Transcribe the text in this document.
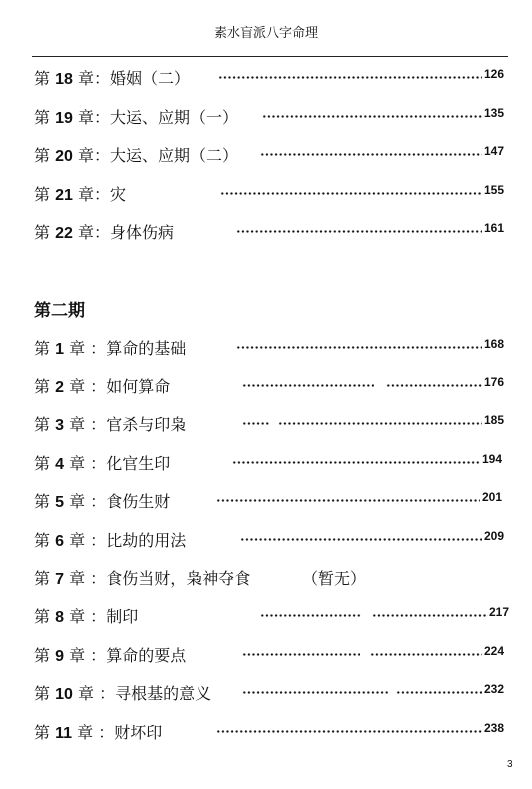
素水盲派八字命理
第 18 章：婚姻（二）	126
第 19 章：大运、应期（一）	135
第 20 章：大运、应期（二）	147
第 21 章：灾	155
第 22 章：身体伤病	161
第二期
第 1 章 ：算命的基础	168
第 2 章 ：如何算命	176
第 3 章 ：官杀与印枭	185
第 4 章 ：化官生印	194
第 5 章 ：食伤生财	201
第 6 章 ：比劫的用法	209
第 7 章 ：食伤当财，枭神夺食	（暂无）
第 8 章 ：制印	217
第 9 章 ：算命的要点	224
第 10 章 ：寻根基的意义	232
第 11 章 ：财坏印	238
3
